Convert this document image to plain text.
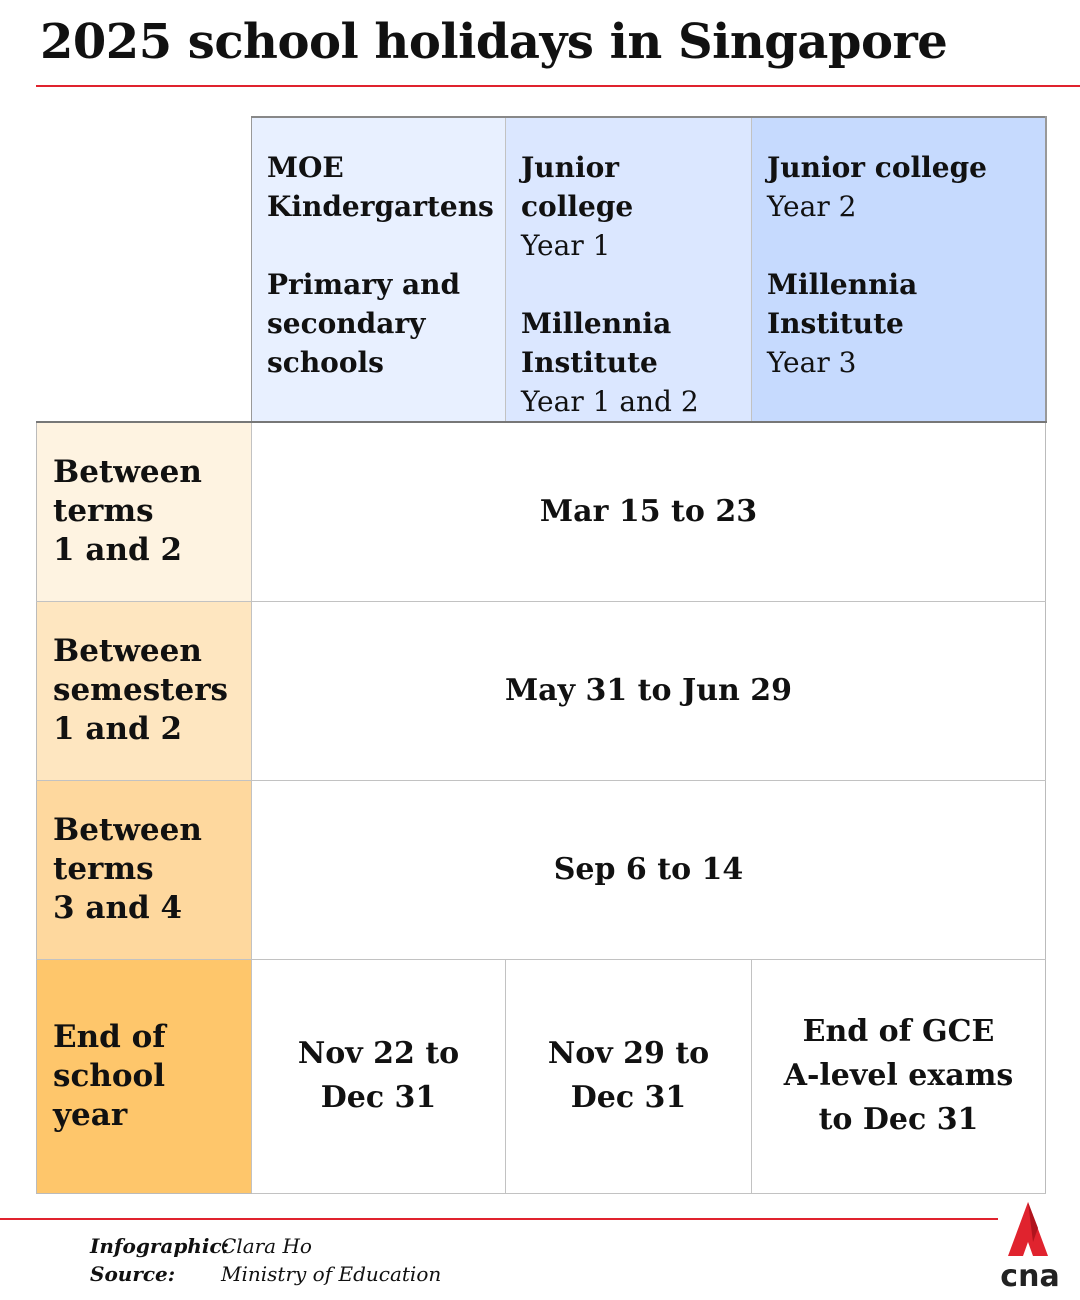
2025 school holidays in Singapore

	MOE
Kindergartens
Primary and
secondary
schools	Junior college
Year 1
Millennia
Institute
Year 1 and 2	Junior college
Year 2
Millennia
Institute
Year 3

Between
terms
1 and 2	Mar 15 to 23		

Between
semesters
1 and 2	May 31 to Jun 29		

Between
terms
3 and 4	Sep 6 to 14		

End of
school
year	Nov 22 to
Dec 31	Nov 29 to
Dec 31	End of GCE
A-level exams
to Dec 31
Infographic:
Clara Ho
Source:	Ministry of Education	cna
